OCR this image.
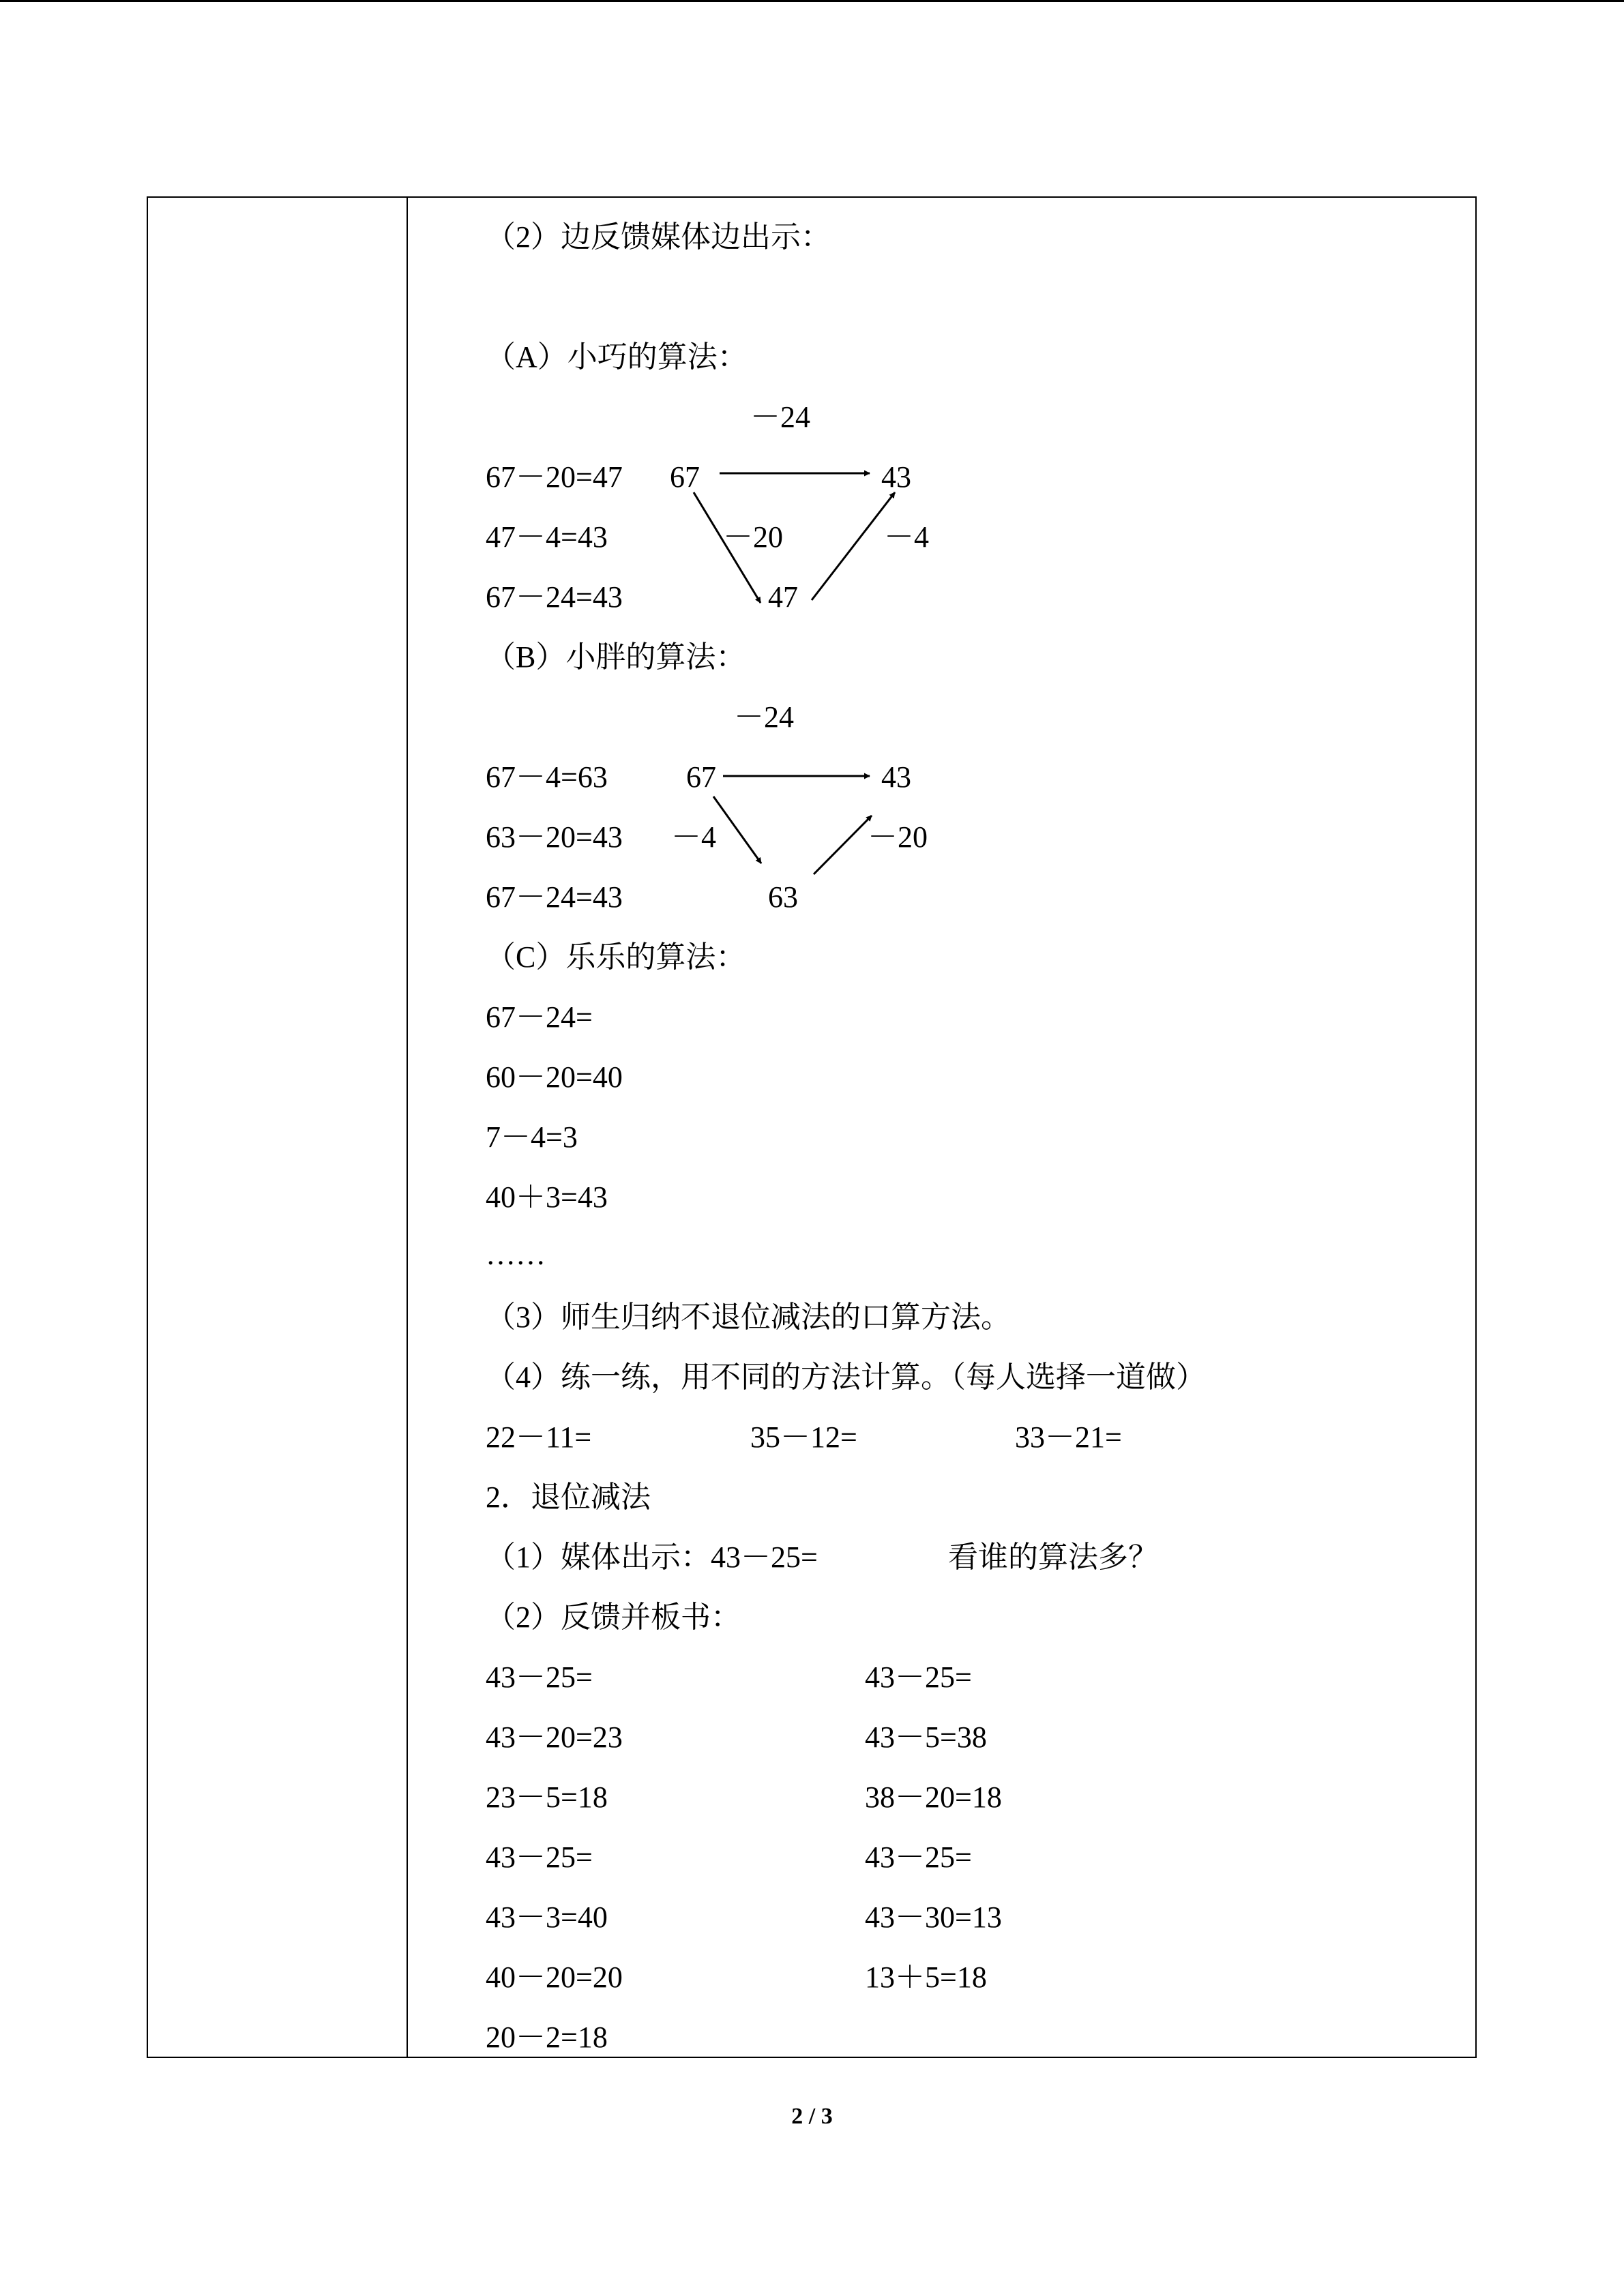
（2）边反馈媒体边出示：
（A）小巧的算法：
－24
67－20=47 67	43
47－4=43	－20	－4
67－24=43	47
（B）小胖的算法：
－24
67－4=63	67	43
63－20=43 －4	－20
67－24=43	63
（C）乐乐的算法：
67－24=
60－20=40
7－4=3
40＋3=43
……
（3）师生归纳不退位减法的口算方法。
（4）练一练，用不同的方法计算。（每人选择一道做）
22－11=	35－12=	33－21=
2．退位减法
（1）媒体出示：43－25=	看谁的算法多？
（2）反馈并板书：
43－25=
43－20=23
23－5=18
43－25=
43－3=40
40－20=20
20－2=18
43－25=
43－5=38
38－20=18
43－25=
43－30=13
13＋5=18
2 / 3
